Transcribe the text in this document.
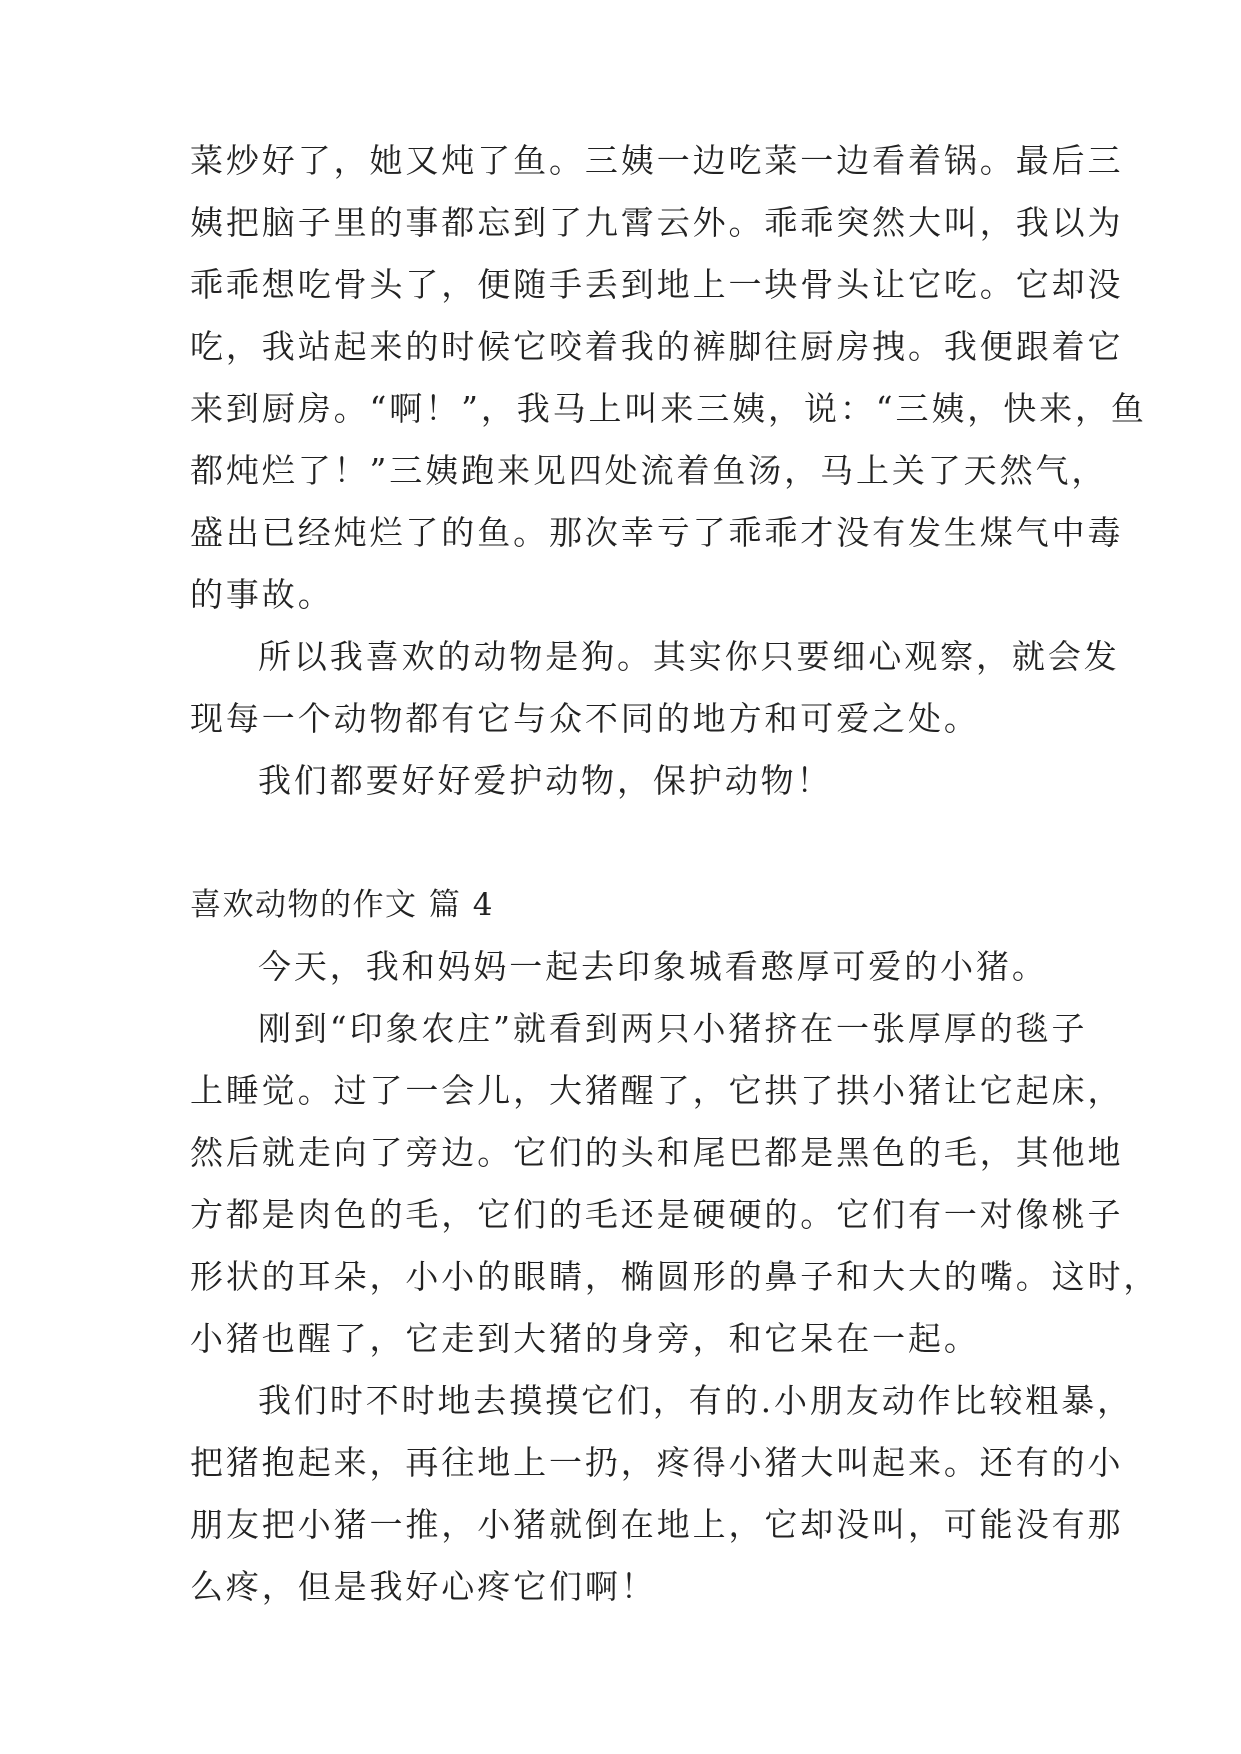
菜炒好了，她又炖了鱼。三姨一边吃菜一边看着锅。最后三
姨把脑子里的事都忘到了九霄云外。乖乖突然大叫，我以为
乖乖想吃骨头了，便随手丢到地上一块骨头让它吃。它却没
吃，我站起来的时候它咬着我的裤脚往厨房拽。我便跟着它
来到厨房。“啊！”，我马上叫来三姨，说：“三姨，快来，鱼
都炖烂了！”三姨跑来见四处流着鱼汤，马上关了天然气，
盛出已经炖烂了的鱼。那次幸亏了乖乖才没有发生煤气中毒
的事故。
所以我喜欢的动物是狗。其实你只要细心观察，就会发
现每一个动物都有它与众不同的地方和可爱之处。
我们都要好好爱护动物，保护动物！
喜欢动物的作文 篇 4
今天，我和妈妈一起去印象城看憨厚可爱的小猪。
刚到“印象农庄”就看到两只小猪挤在一张厚厚的毯子
上睡觉。过了一会儿，大猪醒了，它拱了拱小猪让它起床，
然后就走向了旁边。它们的头和尾巴都是黑色的毛，其他地
方都是肉色的毛，它们的毛还是硬硬的。它们有一对像桃子
形状的耳朵，小小的眼睛，椭圆形的鼻子和大大的嘴。这时，
小猪也醒了，它走到大猪的身旁，和它呆在一起。
我们时不时地去摸摸它们，有的.小朋友动作比较粗暴，
把猪抱起来，再往地上一扔，疼得小猪大叫起来。还有的小
朋友把小猪一推，小猪就倒在地上，它却没叫，可能没有那
么疼，但是我好心疼它们啊！
